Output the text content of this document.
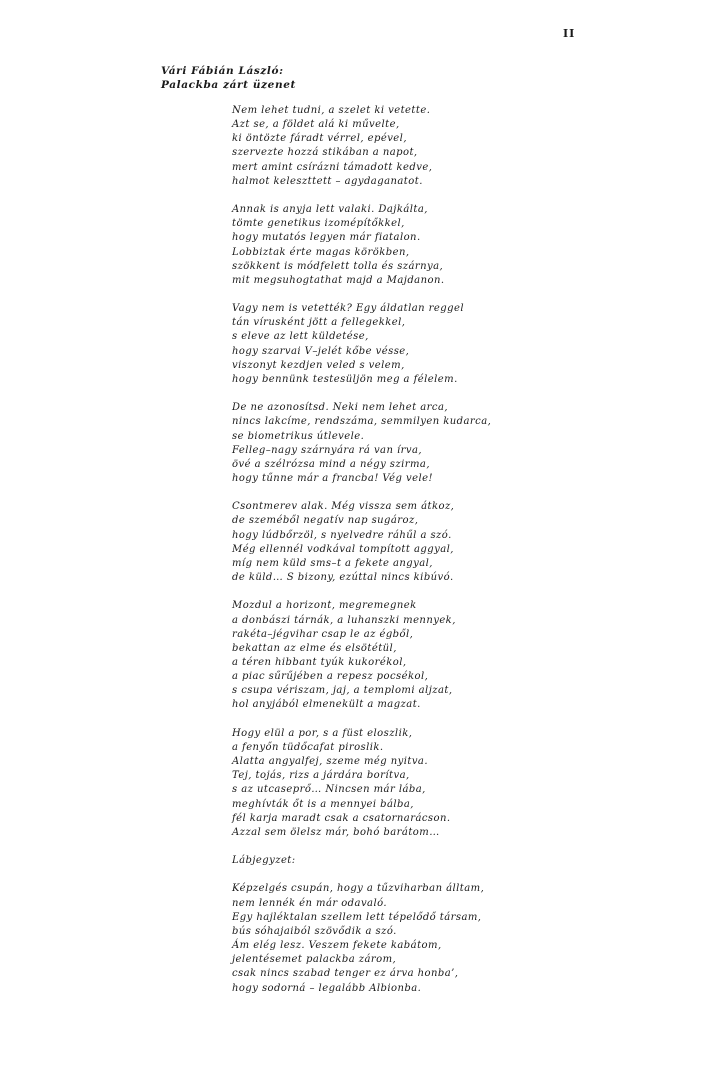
II
Vári Fábián László:
Palackba zárt üzenet
Nem lehet tudni, a szelet ki vetette.
Azt se, a földet alá ki művelte,
ki öntözte fáradt vérrel, epével,
szervezte hozzá stikában a napot,
mert amint csírázni támadott kedve,
halmot keleszttett – agydaganatot.
Annak is anyja lett valaki. Dajkálta,
tömte genetikus izomépítőkkel,
hogy mutatós legyen már fiatalon.
Lobbiztak érte magas körökben,
szökkent is módfelett tolla és szárnya,
mit megsuhogtathat majd a Majdanon.
Vagy nem is vetették? Egy áldatlan reggel
tán vírusként jött a fellegekkel,
s eleve az lett küldetése,
hogy szarvai V–jelét kőbe vésse,
viszonyt kezdjen veled s velem,
hogy bennünk testesüljön meg a félelem.
De ne azonosítsd. Neki nem lehet arca,
nincs lakcíme, rendszáma, semmilyen kudarca,
se biometrikus útlevele.
Felleg–nagy szárnyára rá van írva,
övé a szélrózsa mind a négy szirma,
hogy tűnne már a francba! Vég vele!
Csontmerev alak. Még vissza sem átkoz,
de szeméből negatív nap sugároz,
hogy lúdbőrzöl, s nyelvedre ráhűl a szó.
Még ellennél vodkával tompított aggyal,
míg nem küld sms–t a fekete angyal,
de küld… S bizony, ezúttal nincs kibúvó.
Mozdul a horizont, megremegnek
a donbászi tárnák, a luhanszki mennyek,
rakéta–jégvihar csap le az égből,
bekattan az elme és elsötétül,
a téren hibbant tyúk kukorékol,
a piac sűrűjében a repesz pocsékol,
s csupa vériszam, jaj, a templomi aljzat,
hol anyjából elmenekült a magzat.
Hogy elül a por, s a füst eloszlik,
a fenyőn tüdőcafat piroslik.
Alatta angyalfej, szeme még nyitva.
Tej, tojás, rizs a járdára borítva,
s az utcaseprő… Nincsen már lába,
meghívták őt is a mennyei bálba,
fél karja maradt csak a csatornarácson.
Azzal sem ölelsz már, bohó barátom…
Lábjegyzet:
Képzelgés csupán, hogy a tűzviharban álltam,
nem lennék én már odavaló.
Egy hajléktalan szellem lett tépelődő társam,
bús sóhajaiból szövődik a szó.
Ám elég lesz. Veszem fekete kabátom,
jelentésemet palackba zárom,
csak nincs szabad tenger ez árva honba’,
hogy sodorná – legalább Albionba.
